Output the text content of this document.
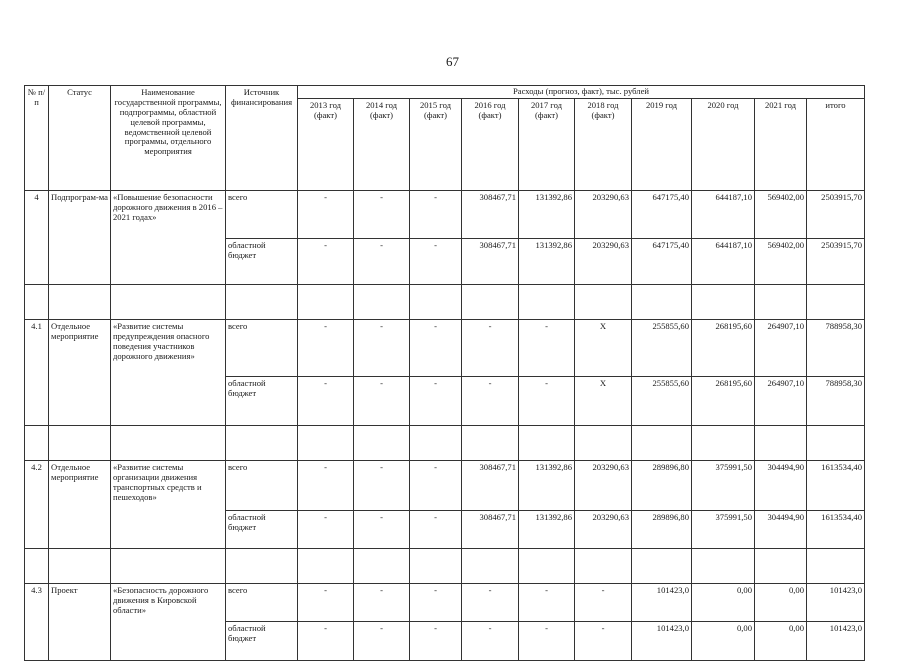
67
№ п/п	Статус	Наименование государственной программы, подпрограммы, областной целевой программы, ведомственной целевой программы, отдельного мероприятия	Источник финансирования	Расходы (прогноз, факт), тыс. рублей									
				2013 год (факт)	2014 год (факт)	2015 год (факт)	2016 год (факт)	2017 год (факт)	2018 год (факт)	2019 год	2020 год	2021 год	итого
4	Подпрограм-ма	«Повышение безопасности дорожного движения в 2016 – 2021 годах»	всего	-	-	-	308467,71	131392,86	203290,63	647175,40	644187,10	569402,00	2503915,70
			областной бюджет	-	-	-	308467,71	131392,86	203290,63	647175,40	644187,10	569402,00	2503915,70

4.1	Отдельное мероприятие	«Развитие системы предупреждения опасного поведения участников дорожного движения»	всего	-	-	-	-	-	Х	255855,60	268195,60	264907,10	788958,30
			областной бюджет	-	-	-	-	-	Х	255855,60	268195,60	264907,10	788958,30

4.2	Отдельное мероприятие	«Развитие системы организации движения транспортных средств и пешеходов»	всего	-	-	-	308467,71	131392,86	203290,63	289896,80	375991,50	304494,90	1613534,40
			областной бюджет	-	-	-	308467,71	131392,86	203290,63	289896,80	375991,50	304494,90	1613534,40

4.3	Проект	«Безопасность дорожного движения в Кировской области»	всего	-	-	-	-	-	-	101423,0	0,00	0,00	101423,0
			областной бюджет	-	-	-	-	-	-	101423,0	0,00	0,00	101423,0
